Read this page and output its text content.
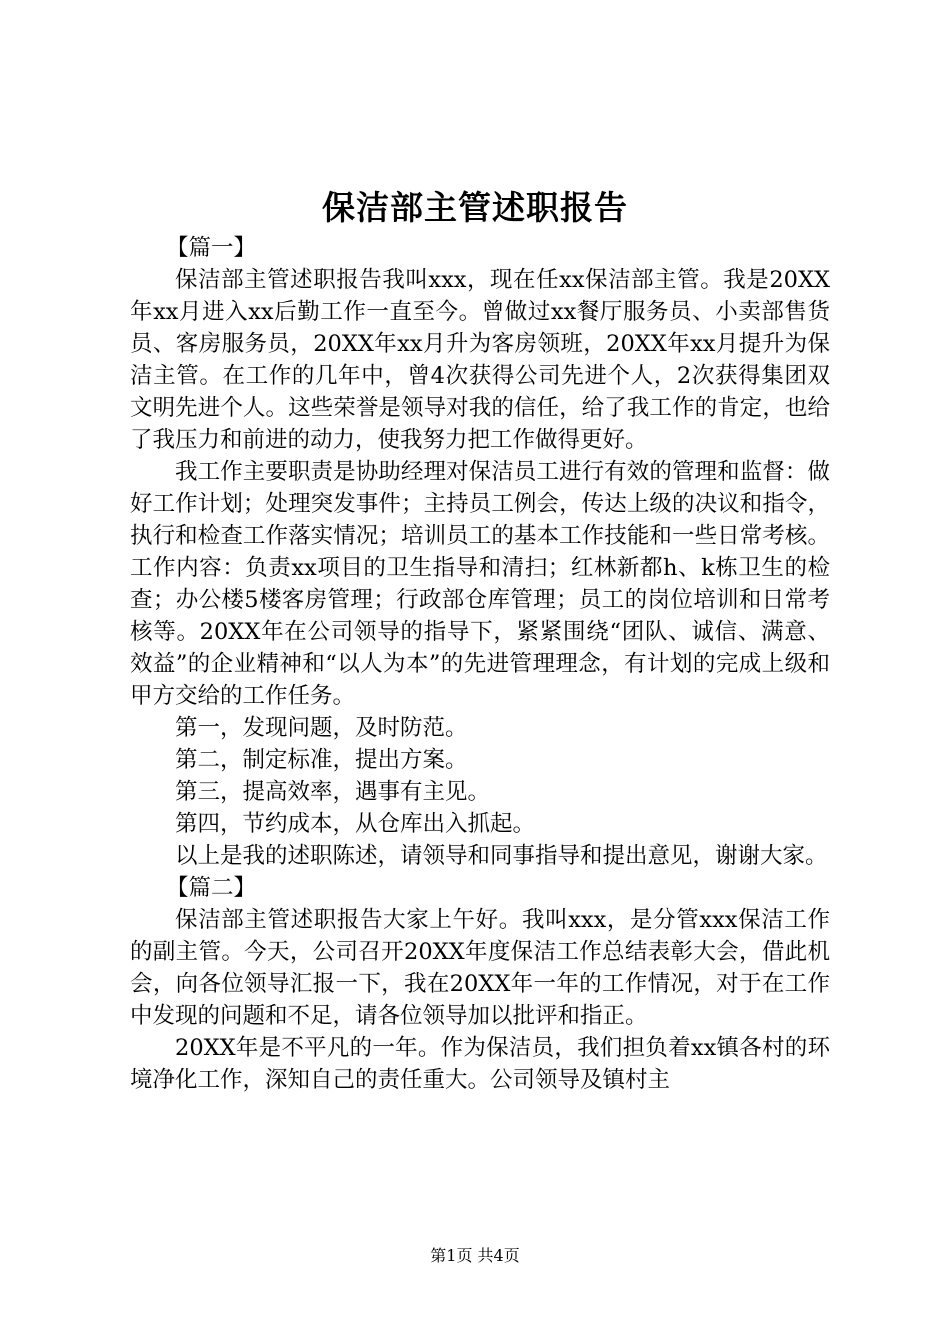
保洁部主管述职报告

【篇一】

保洁部主管述职报告我叫xxx，现在任xx保洁部主管。我是20XX年xx月进入xx后勤工作一直至今。曾做过xx餐厅服务员、小卖部售货员、客房服务员，20XX年xx月升为客房领班，20XX年xx月提升为保洁主管。在工作的几年中，曾4次获得公司先进个人，2次获得集团双文明先进个人。这些荣誉是领导对我的信任，给了我工作的肯定，也给了我压力和前进的动力，使我努力把工作做得更好。

我工作主要职责是协助经理对保洁员工进行有效的管理和监督：做好工作计划；处理突发事件；主持员工例会，传达上级的决议和指令，执行和检查工作落实情况；培训员工的基本工作技能和一些日常考核。工作内容：负责xx项目的卫生指导和清扫；红林新都h、k栋卫生的检查；办公楼5楼客房管理；行政部仓库管理；员工的岗位培训和日常考核等。20XX年在公司领导的指导下，紧紧围绕“团队、诚信、满意、效益”的企业精神和“以人为本”的先进管理理念，有计划的完成上级和甲方交给的工作任务。

第一，发现问题，及时防范。

第二，制定标准，提出方案。

第三，提高效率，遇事有主见。

第四，节约成本，从仓库出入抓起。

以上是我的述职陈述，请领导和同事指导和提出意见，谢谢大家。

【篇二】

保洁部主管述职报告大家上午好。我叫xxx，是分管xxx保洁工作的副主管。今天，公司召开20XX年度保洁工作总结表彰大会，借此机会，向各位领导汇报一下，我在20XX年一年的工作情况，对于在工作中发现的问题和不足，请各位领导加以批评和指正。

20XX年是不平凡的一年。作为保洁员，我们担负着xx镇各村的环境净化工作，深知自己的责任重大。公司领导及镇村主

第1页 共4页
